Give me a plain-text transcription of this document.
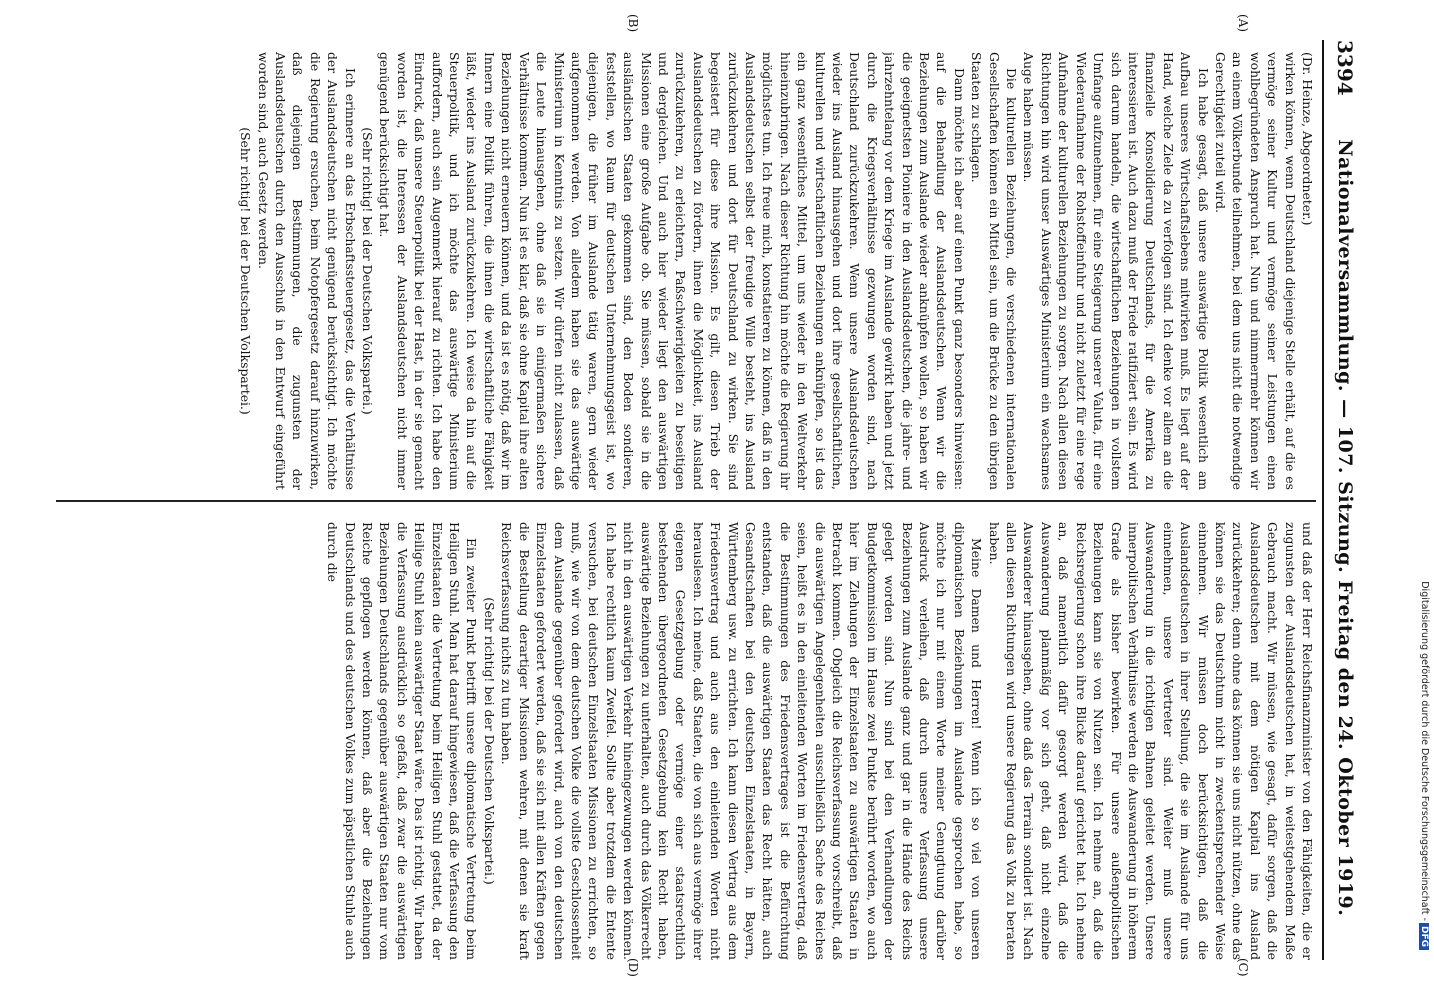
3394
Nationalversammlung. — 107. Sitzung. Freitag den 24. Oktober 1919.
(A)
(B)
(C)
(D)

(Dr. Heinze, Abgeordneter.)

wirken können, wenn Deutschland diejenige Stelle erhält, auf die es vermöge seiner Kultur und vermöge seiner Leistungen einen wohlbegründeten Anspruch hat. Nun und nimmermehr können wir an einem Völkerbunde teilnehmen, bei dem uns nicht die notwendige Gerechtigkeit zuteil wird.

Ich habe gesagt, daß unsere auswärtige Politik wesentlich am Aufbau unseres Wirtschaftslebens mitwirken muß. Es liegt auf der Hand, welche Ziele da zu verfolgen sind. Ich denke vor allem an die finanzielle Konsolidierung Deutschlands, für die Amerika zu interessieren ist. Auch dazu muß der Friede ratifiziert sein. Es wird sich darum handeln, die wirtschaftlichen Beziehungen in vollstem Umfange aufzunehmen, für eine Steigerung unserer Valuta, für eine Wiederaufnahme der Rohstoffeinfuhr und nicht zuletzt für eine rege Aufnahme der kulturellen Beziehungen zu sorgen. Nach allen diesen Richtungen hin wird unser Auswärtiges Ministerium ein wachsames Auge haben müssen.

Die kulturellen Beziehungen, die verschiedenen internationalen Gesellschaften können ein Mittel sein, um die Brücke zu den übrigen Staaten zu schlagen.

Dann möchte ich aber auf einen Punkt ganz besonders hinweisen: auf die Behandlung der Auslandsdeutschen. Wenn wir die Beziehungen zum Auslande wieder anknüpfen wollen, so haben wir die geeignetsten Pioniere in den Auslandsdeutschen, die jahre- und jahrzehntelang vor dem Kriege im Auslande gewirkt haben und jetzt durch die Kriegsverhältnisse gezwungen worden sind, nach Deutschland zurückzukehren. Wenn unsere Auslandsdeutschen wieder ins Ausland hinausgehen und dort ihre gesellschaftlichen, kulturellen und wirtschaftlichen Beziehungen anknüpfen, so ist das ein ganz wesentliches Mittel, um uns wieder in den Weltverkehr hineinzubringen. Nach dieser Richtung hin möchte die Regierung ihr möglichstes tun. Ich freue mich, konstatieren zu können, daß in den Auslandsdeutschen selbst der freudige Wille besteht, ins Ausland zurückzukehren und dort für Deutschland zu wirken. Sie sind begeistert für diese ihre Mission. Es gilt, diesen Trieb der Auslandsdeutschen zu fördern, ihnen die Möglichkeit, ins Ausland zurückzukehren, zu erleichtern, Paßschwierigkeiten zu beseitigen und dergleichen. Und auch hier wieder liegt den auswärtigen Missionen eine große Aufgabe ob. Sie müssen, sobald sie in die ausländischen Staaten gekommen sind, den Boden sondieren, feststellen, wo Raum für deutschen Unternehmungsgeist ist, wo diejenigen, die früher im Auslande tätig waren, gern wieder aufgenommen werden. Von alledem haben sie das auswärtige Ministerium in Kenntnis zu setzen. Wir dürfen nicht zulassen, daß die Leute hinausgehen, ohne daß sie in einigermaßen sichere Verhältnisse kommen. Nun ist es klar, daß sie ohne Kapital ihre alten Beziehungen nicht erneuern können, und da ist es nötig, daß wir im Innern eine Politik führen, die ihnen die wirtschaftliche Fähigkeit läßt, wieder ins Ausland zurückzukehren. Ich weise da hin auf die Steuerpolitik, und ich möchte das auswärtige Ministerium auffordern, auch sein Augenmerk hierauf zu richten. Ich habe den Eindruck, daß unsere Steuerpolitik bei der Hast, in der sie gemacht worden ist, die Interessen der Auslandsdeutschen nicht immer genügend berücksichtigt hat.

(Sehr richtig! bei der Deutschen Volkspartei.)

Ich erinnere an das Erbschaftssteuergesetz, das die Verhältnisse der Auslandsdeutschen nicht genügend berücksichtigt. Ich möchte die Regierung ersuchen, beim Notopfergesetz darauf hinzuwirken, daß diejenigen Bestimmungen, die zugunsten der Auslandsdeutschen durch den Ausschuß in den Entwurf eingeführt worden sind, auch Gesetz werden.

(Sehr richtig! bei der Deutschen Volkspartei.)

und daß der Herr Reichsfinanzminister von den Fähigkeiten, die er zugunsten der Auslandsdeutschen hat, in weitestgehendem Maße Gebrauch macht. Wir müssen, wie gesagt, dafür sorgen, daß die Auslandsdeutschen mit dem nötigen Kapital ins Ausland zurückkehren; denn ohne das können sie uns nicht nützen, ohne das können sie das Deutschtum nicht in zweckentsprechender Weise einnehmen. Wir müssen doch berücksichtigen, daß die Auslandsdeutschen in ihrer Stellung, die sie im Auslande für uns einnehmen, unsere Vertreter sind. Weiter muß unsere Auswanderung in die richtigen Bahnen geleitet werden. Unsere innerpolitischen Verhältnisse werden die Auswanderung in höherem Grade als bisher bewirken. Für unsere außenpolitischen Beziehungen kann sie von Nutzen sein. Ich nehme an, daß die Reichsregierung schon ihre Blicke darauf gerichtet hat. Ich nehme an, daß namentlich dafür gesorgt werden wird, daß die Auswanderung planmäßig vor sich geht, daß nicht einzelne Auswanderer hinausgehen, ohne daß das Terrain sondiert ist. Nach allen diesen Richtungen wird unsere Regierung das Volk zu beraten haben.

Meine Damen und Herren! Wenn ich so viel von unseren diplomatischen Beziehungen im Auslande gesprochen habe, so möchte ich nur mit einem Worte meiner Genugtuung darüber Ausdruck verleihen, daß durch unsere Verfassung unsere Beziehungen zum Auslande ganz und gar in die Hände des Reichs gelegt worden sind. Nun sind bei den Verhandlungen der Budgetkommission im Hause zwei Punkte berührt worden, wo auch hier im Ziehungen der Einzelstaaten zu auswärtigen Staaten in Betracht kommen. Obgleich die Reichsverfassung vorschreibt, daß die auswärtigen Angelegenheiten ausschließlich Sache des Reiches seien, heißt es in den einleitenden Worten im Friedensvertrag, daß die Bestimmungen des Friedensvertrages ist die Befürchtung entstanden, daß die auswärtigen Staaten das Recht hätten, auch Gesandtschaften bei den deutschen Einzelstaaten, in Bayern, Württemberg usw. zu errichten. Ich kann diesen Vertrag aus dem Friedensvertrag und auch aus den einleitenden Worten nicht herauslesen. Ich meine, daß Staaten, die von sich aus vermöge ihrer eigenen Gesetzgebung oder vermöge einer staatsrechtlich bestehenden übergeordneten Gesetzgebung kein Recht haben, auswärtige Beziehungen zu unterhalten, auch durch das Völkerrecht nicht in den auswärtigen Verkehr hineingezwungen werden können. Ich habe rechtlich kaum Zweifel. Sollte aber trotzdem die Entente versuchen, bei deutschen Einzelstaaten Missionen zu errichten, so muß, wie wir von dem deutschen Volke die vollste Geschlossenheit dem Auslande gegenüber gefordert wird, auch von den deutschen Einzelstaaten gefordert werden, daß sie sich mit allen Kräften gegen die Bestellung derartiger Missionen wehren, mit denen sie kraft Reichsverfassung nichts zu tun haben.

(Sehr richtig! bei der Deutschen Volkspartei.)

Ein zweiter Punkt betrifft unsere diplomatische Vertretung beim Heiligen Stuhl. Man hat darauf hingewiesen, daß die Verfassung den Einzelstaaten die Vertretung beim Heiligen Stuhl gestattet, da der Heilige Stuhl kein auswärtiger Staat wäre. Das ist richtig. Wir haben die Verfassung ausdrücklich so gefaßt, daß zwar die auswärtigen Beziehungen Deutschlands gegenüber auswärtigen Staaten nur vom Reiche gepflogen werden können, daß aber die Beziehungen Deutschlands und des deutschen Volkes zum päpstlichen Stuhle auch durch die

Digitalisierung gefördert durch die Deutsche Forschungsgemeinschaft -DFG
